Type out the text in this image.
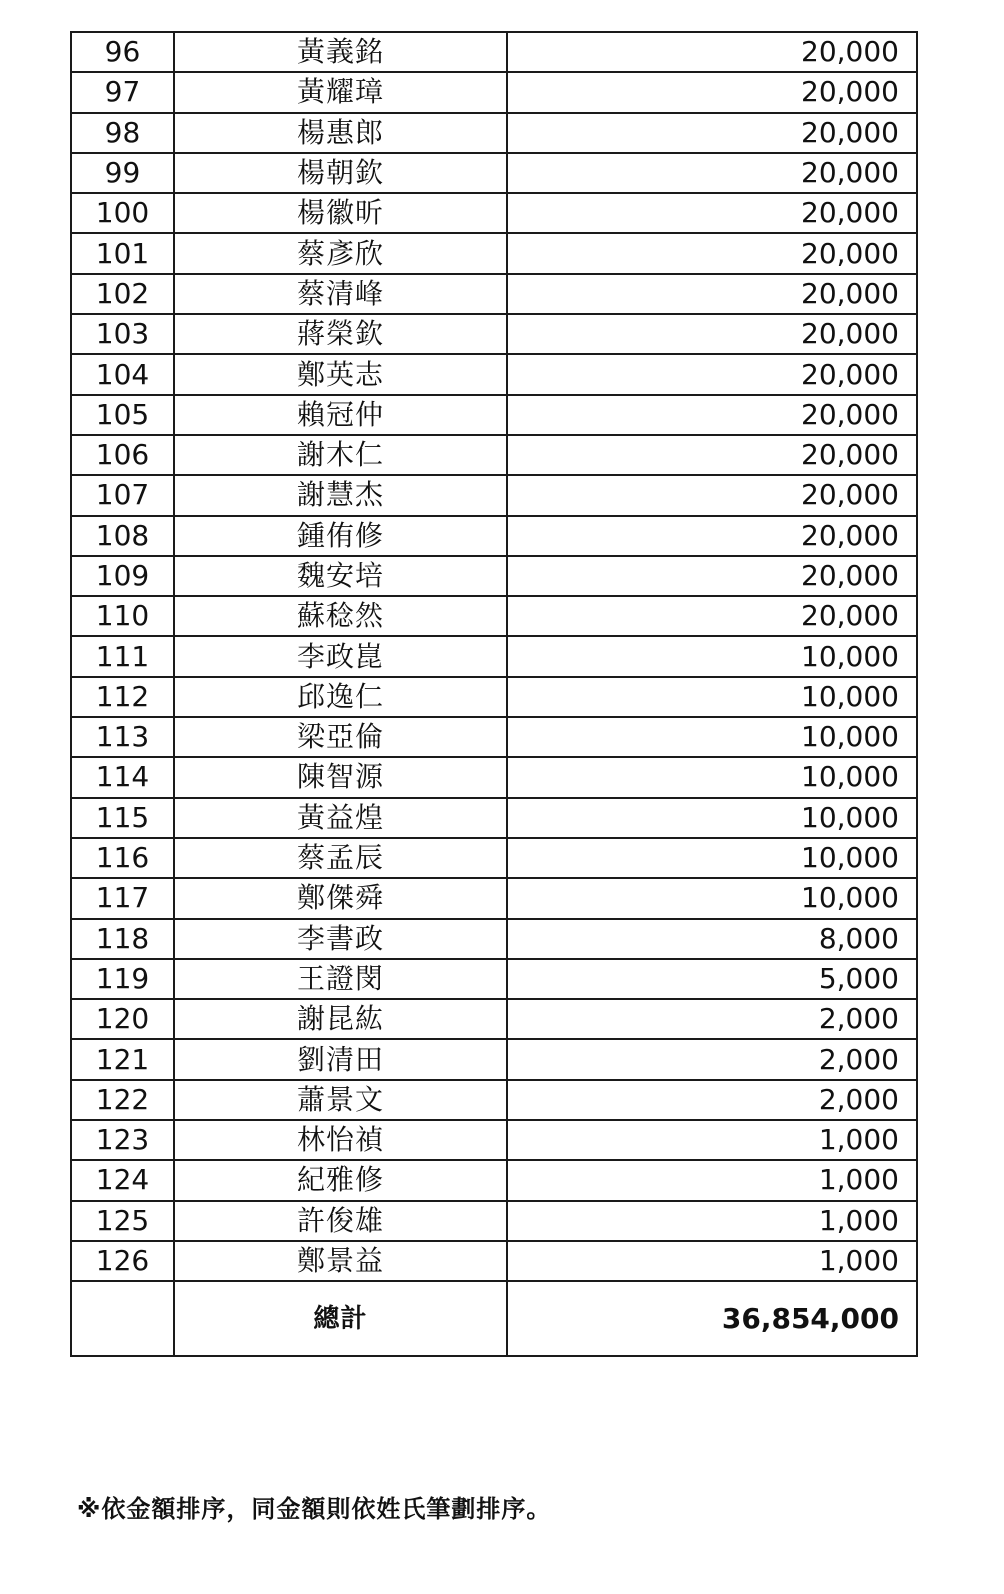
96	黃義銘	20,000
97	黃耀璋	20,000
98	楊惠郎	20,000
99	楊朝欽	20,000
100	楊徽昕	20,000
101	蔡彥欣	20,000
102	蔡清峰	20,000
103	蔣榮欽	20,000
104	鄭英志	20,000
105	賴冠仲	20,000
106	謝木仁	20,000
107	謝慧杰	20,000
108	鍾侑修	20,000
109	魏安培	20,000
110	蘇稔然	20,000
111	李政崑	10,000
112	邱逸仁	10,000
113	梁亞倫	10,000
114	陳智源	10,000
115	黃益煌	10,000
116	蔡孟辰	10,000
117	鄭傑舜	10,000
118	李書政	8,000
119	王證閔	5,000
120	謝昆紘	2,000
121	劉清田	2,000
122	蕭景文	2,000
123	林怡禎	1,000
124	紀雅修	1,000
125	許俊雄	1,000
126	鄭景益	1,000
	總計	36,854,000
※依金額排序，同金額則依姓氏筆劃排序。
